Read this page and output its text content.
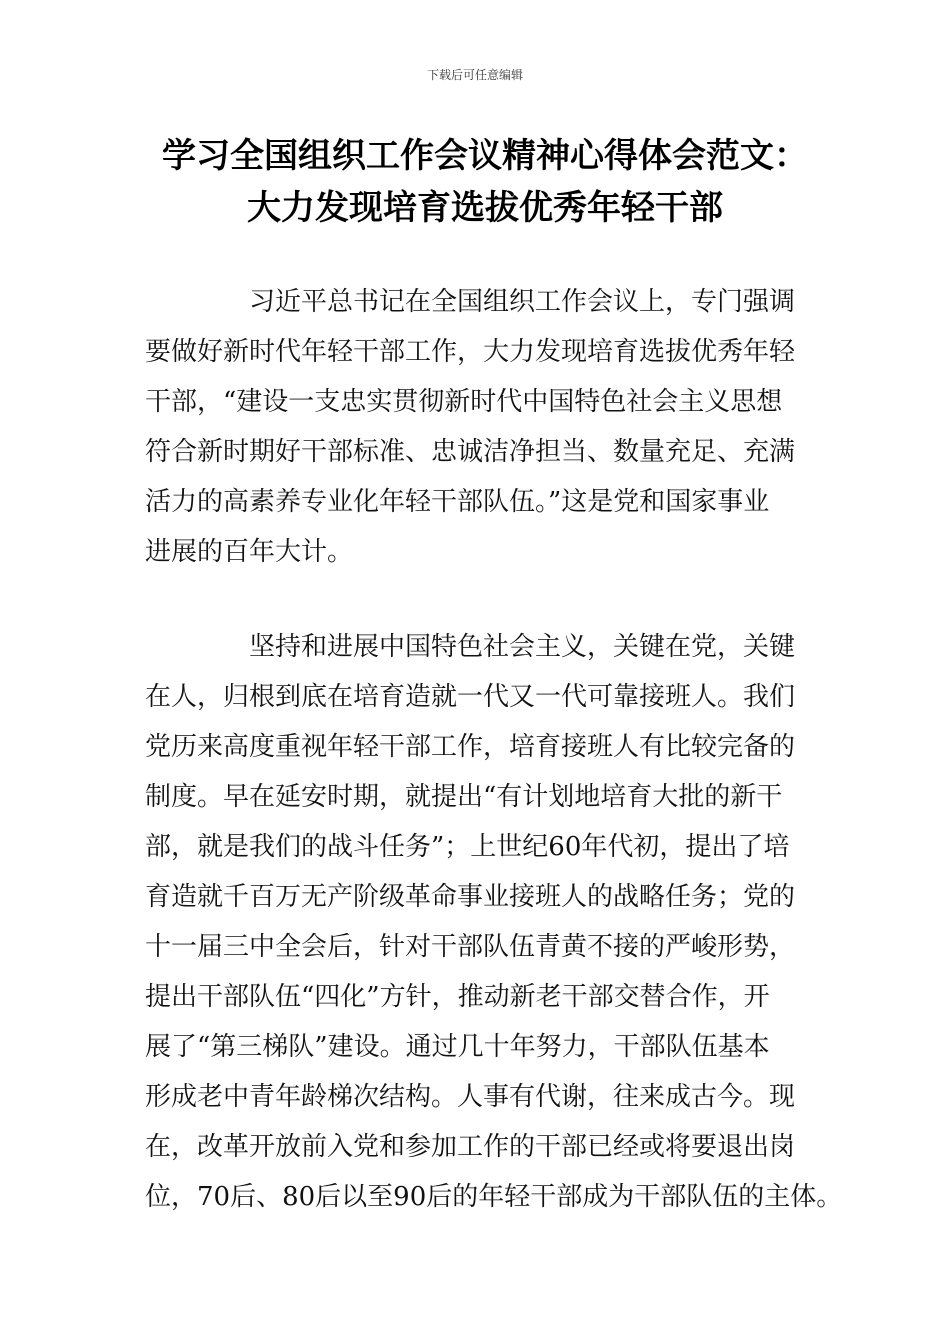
下载后可任意编辑
学习全国组织工作会议精神心得体会范文：
大力发现培育选拔优秀年轻干部
习近平总书记在全国组织工作会议上，专门强调
要做好新时代年轻干部工作，大力发现培育选拔优秀年轻
干部，“建设一支忠实贯彻新时代中国特色社会主义思想
符合新时期好干部标准、忠诚洁净担当、数量充足、充满
活力的高素养专业化年轻干部队伍。”这是党和国家事业
进展的百年大计。
坚持和进展中国特色社会主义，关键在党，关键
在人，归根到底在培育造就一代又一代可靠接班人。我们
党历来高度重视年轻干部工作，培育接班人有比较完备的
制度。早在延安时期，就提出“有计划地培育大批的新干
部，就是我们的战斗任务”；上世纪60年代初，提出了培
育造就千百万无产阶级革命事业接班人的战略任务；党的
十一届三中全会后，针对干部队伍青黄不接的严峻形势，
提出干部队伍“四化”方针，推动新老干部交替合作，开
展了“第三梯队”建设。通过几十年努力，干部队伍基本
形成老中青年龄梯次结构。人事有代谢，往来成古今。现
在，改革开放前入党和参加工作的干部已经或将要退出岗
位，70后、80后以至90后的年轻干部成为干部队伍的主体。
